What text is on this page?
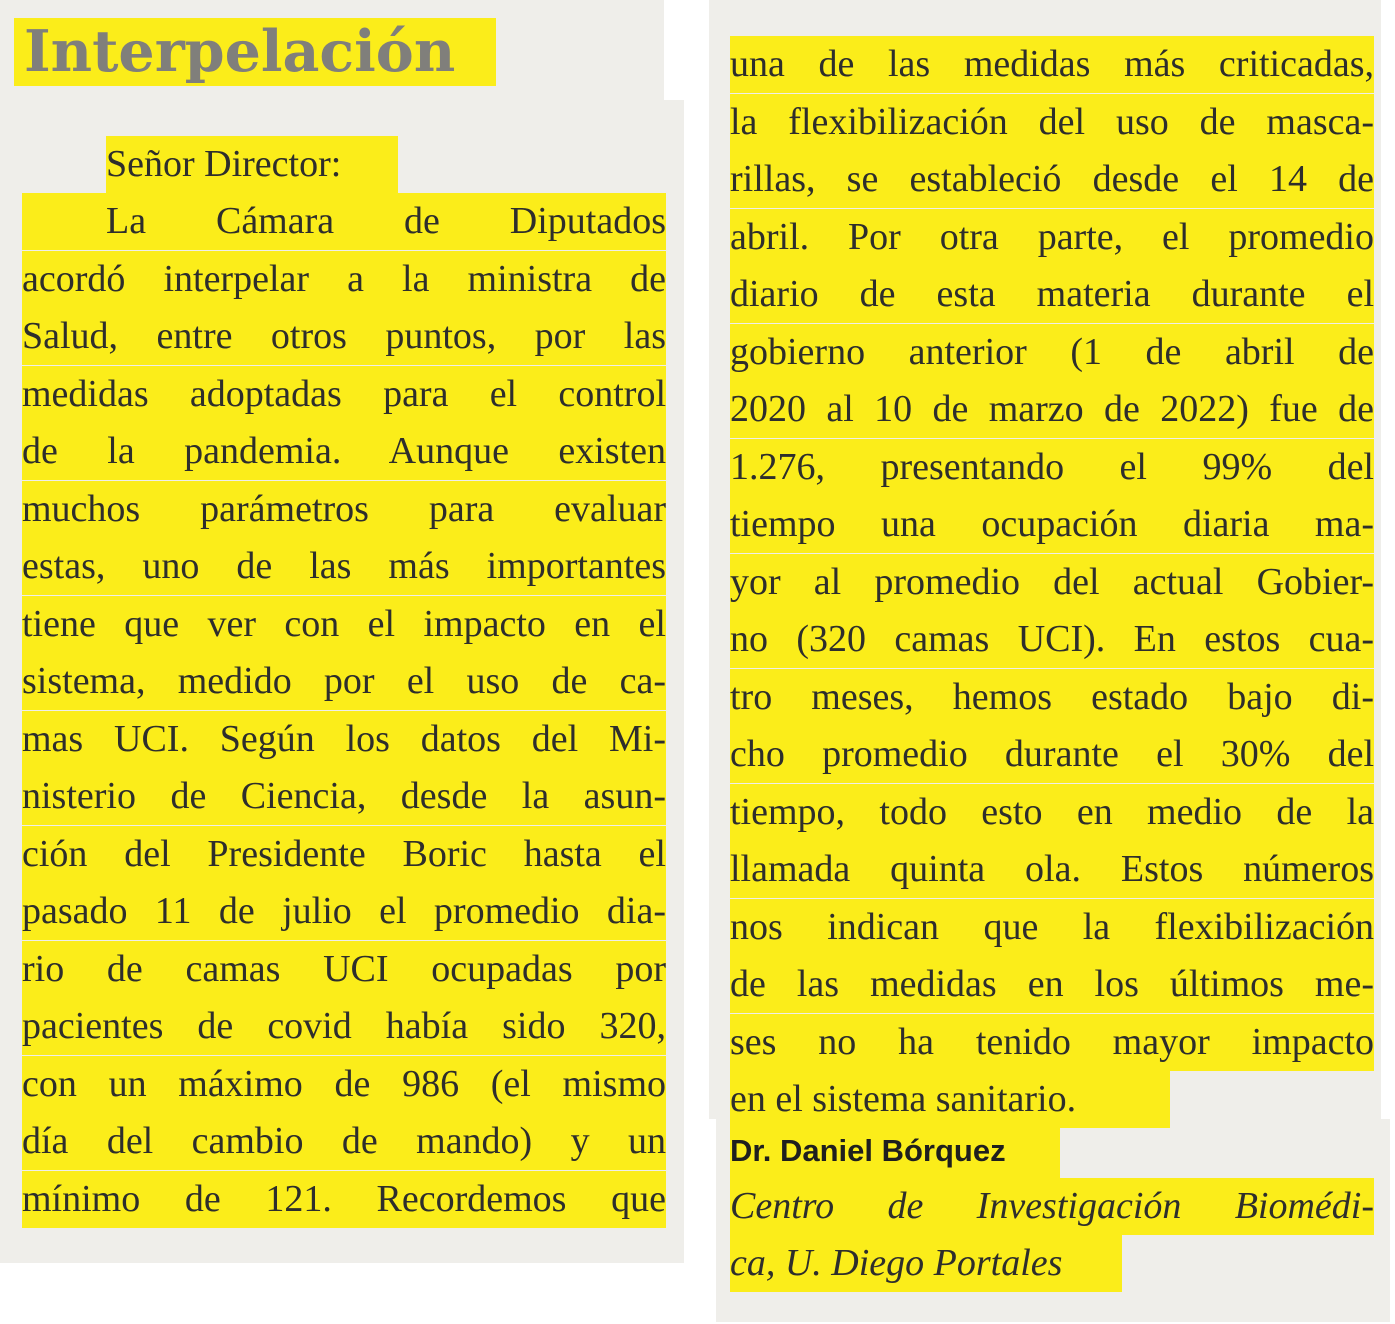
Interpelación
Señor Director:
La Cámara de Diputados
acordó interpelar a la ministra de
Salud, entre otros puntos, por las
medidas adoptadas para el control
de la pandemia. Aunque existen
muchos parámetros para evaluar
estas, uno de las más importantes
tiene que ver con el impacto en el
sistema, medido por el uso de ca-
mas UCI. Según los datos del Mi-
nisterio de Ciencia, desde la asun-
ción del Presidente Boric hasta el
pasado 11 de julio el promedio dia-
rio de camas UCI ocupadas por
pacientes de covid había sido 320,
con un máximo de 986 (el mismo
día del cambio de mando) y un
mínimo de 121. Recordemos que
una de las medidas más criticadas,
la flexibilización del uso de masca-
rillas, se estableció desde el 14 de
abril. Por otra parte, el promedio
diario de esta materia durante el
gobierno anterior (1 de abril de
2020 al 10 de marzo de 2022) fue de
1.276, presentando el 99% del
tiempo una ocupación diaria ma-
yor al promedio del actual Gobier-
no (320 camas UCI). En estos cua-
tro meses, hemos estado bajo di-
cho promedio durante el 30% del
tiempo, todo esto en medio de la
llamada quinta ola. Estos números
nos indican que la flexibilización
de las medidas en los últimos me-
ses no ha tenido mayor impacto
en el sistema sanitario.
Dr. Daniel Bórquez
Centro de Investigación Biomédi-
ca, U. Diego Portales
